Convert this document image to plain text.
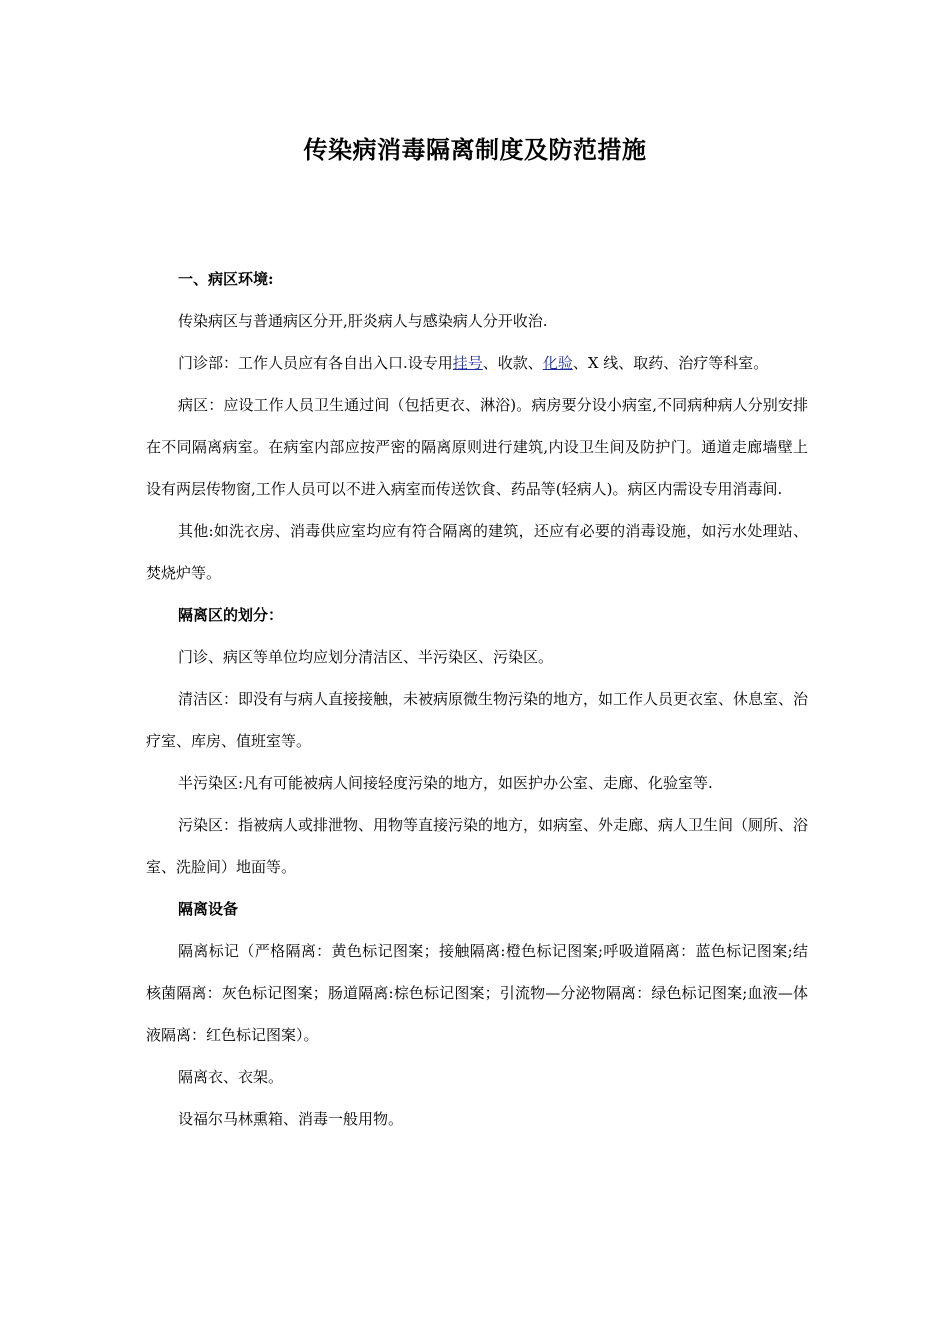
传染病消毒隔离制度及防范措施

一、病区环境:

传染病区与普通病区分开,肝炎病人与感染病人分开收治.

门诊部：工作人员应有各自出入口.设专用挂号、收款、化验、X 线、取药、治疗等科室。

病区：应设工作人员卫生通过间（包括更衣、淋浴)。病房要分设小病室,不同病种病人分别安排在不同隔离病室。在病室内部应按严密的隔离原则进行建筑,内设卫生间及防护门。通道走廊墙壁上设有两层传物窗,工作人员可以不进入病室而传送饮食、药品等(轻病人)。病区内需设专用消毒间.

其他:如洗衣房、消毒供应室均应有符合隔离的建筑，还应有必要的消毒设施，如污水处理站、焚烧炉等。

隔离区的划分：

门诊、病区等单位均应划分清洁区、半污染区、污染区。

清洁区：即没有与病人直接接触，未被病原微生物污染的地方，如工作人员更衣室、休息室、治疗室、库房、值班室等。

半污染区:凡有可能被病人间接轻度污染的地方，如医护办公室、走廊、化验室等.

污染区：指被病人或排泄物、用物等直接污染的地方，如病室、外走廊、病人卫生间（厕所、浴室、洗脸间）地面等。

隔离设备

隔离标记（严格隔离：黄色标记图案；接触隔离:橙色标记图案;呼吸道隔离：蓝色标记图案;结核菌隔离：灰色标记图案；肠道隔离:棕色标记图案；引流物—分泌物隔离：绿色标记图案;血液—体液隔离：红色标记图案）。

隔离衣、衣架。

设福尔马林熏箱、消毒一般用物。
